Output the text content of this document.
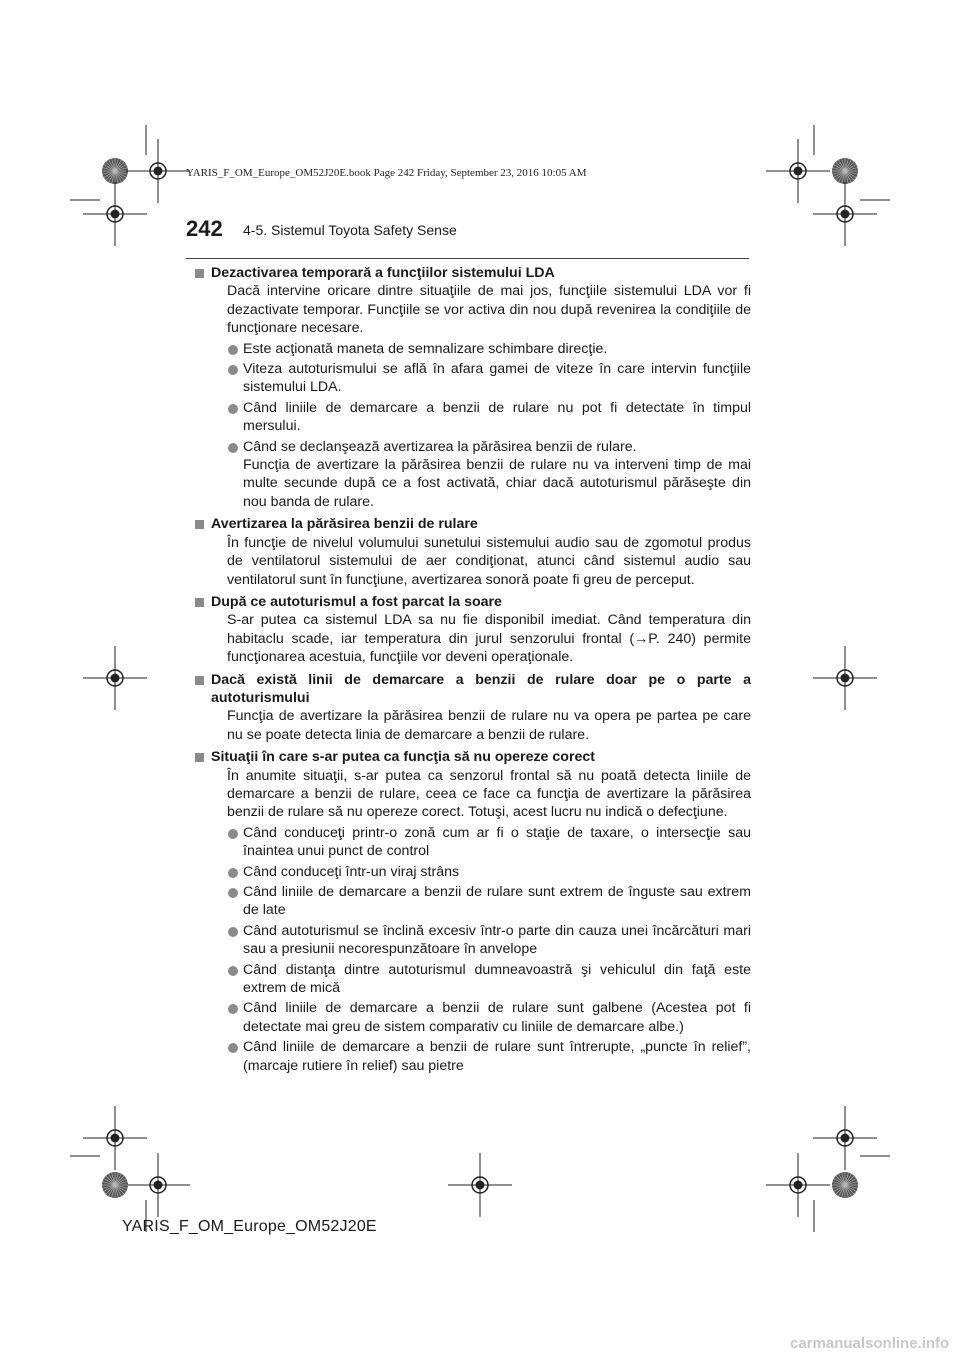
YARIS_F_OM_Europe_OM52J20E.book Page 242 Friday, September 23, 2016 10:05 AM
242 4-5. Sistemul Toyota Safety Sense
Dezactivarea temporară a funcţiilor sistemului LDA
Dacă intervine oricare dintre situaţiile de mai jos, funcţiile sistemului LDA vor fi dezactivate temporar. Funcţiile se vor activa din nou după revenirea la condiţiile de funcţionare necesare.
Este acţionată maneta de semnalizare schimbare direcţie.
Viteza autoturismului se află în afara gamei de viteze în care intervin funcţiile sistemului LDA.
Când liniile de demarcare a benzii de rulare nu pot fi detectate în timpul mersului.
Când se declanşează avertizarea la părăsirea benzii de rulare.
Funcţia de avertizare la părăsirea benzii de rulare nu va interveni timp de mai multe secunde după ce a fost activată, chiar dacă autoturismul părăseşte din nou banda de rulare.
Avertizarea la părăsirea benzii de rulare
În funcţie de nivelul volumului sunetului sistemului audio sau de zgomotul produs de ventilatorul sistemului de aer condiţionat, atunci când sistemul audio sau ventilatorul sunt în funcţiune, avertizarea sonoră poate fi greu de perceput.
După ce autoturismul a fost parcat la soare
S-ar putea ca sistemul LDA sa nu fie disponibil imediat. Când temperatura din habitaclu scade, iar temperatura din jurul senzorului frontal (→P. 240) permite funcţionarea acestuia, funcţiile vor deveni operaţionale.
Dacă există linii de demarcare a benzii de rulare doar pe o parte a autoturismului
Funcţia de avertizare la părăsirea benzii de rulare nu va opera pe partea pe care nu se poate detecta linia de demarcare a benzii de rulare.
Situaţii în care s-ar putea ca funcţia să nu opereze corect
În anumite situaţii, s-ar putea ca senzorul frontal să nu poată detecta liniile de demarcare a benzii de rulare, ceea ce face ca funcţia de avertizare la părăsirea benzii de rulare să nu opereze corect. Totuşi, acest lucru nu indică o defecţiune.
Când conduceţi printr-o zonă cum ar fi o staţie de taxare, o intersecţie sau înaintea unui punct de control
Când conduceţi într-un viraj strâns
Când liniile de demarcare a benzii de rulare sunt extrem de înguste sau extrem de late
Când autoturismul se înclină excesiv într-o parte din cauza unei încărcături mari sau a presiunii necorespunzătoare în anvelope
Când distanţa dintre autoturismul dumneavoastră şi vehiculul din faţă este extrem de mică
Când liniile de demarcare a benzii de rulare sunt galbene (Acestea pot fi detectate mai greu de sistem comparativ cu liniile de demarcare albe.)
Când liniile de demarcare a benzii de rulare sunt întrerupte, „puncte în relief”, (marcaje rutiere în relief) sau pietre
YARIS_F_OM_Europe_OM52J20E
carmanualsonline.info
